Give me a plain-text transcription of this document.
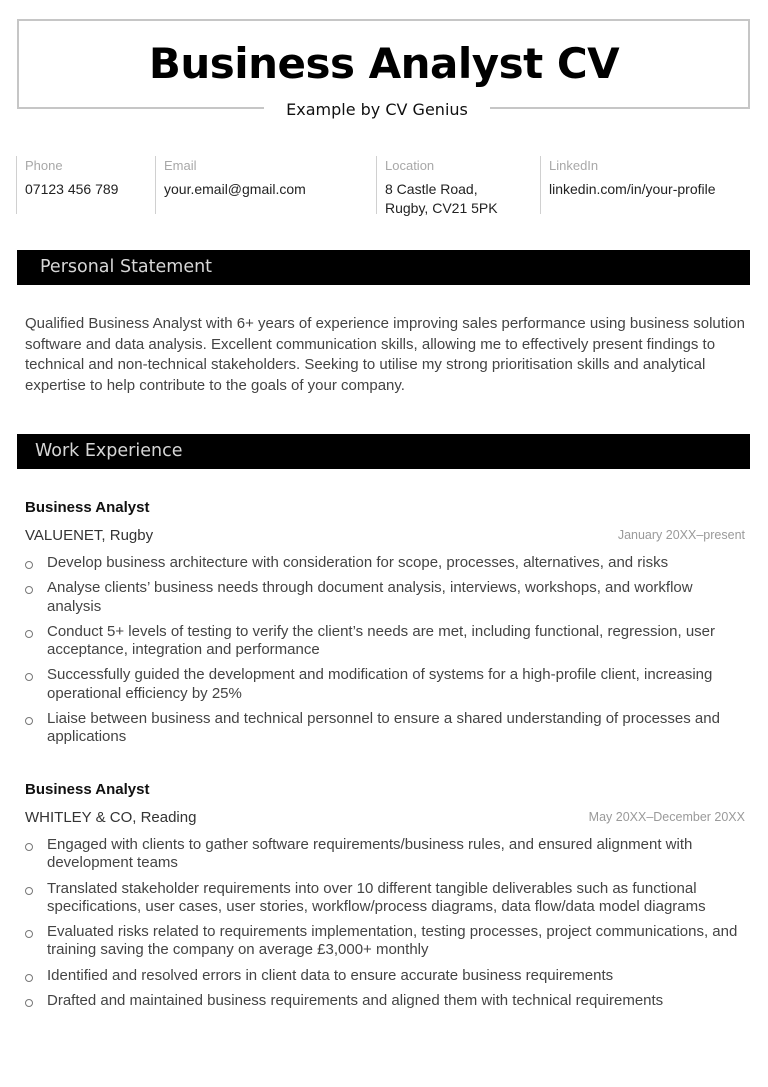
Business Analyst CV
Example by CV Genius
Phone
07123 456 789
Email
your.email@gmail.com
Location
8 Castle Road,
Rugby, CV21 5PK
LinkedIn
linkedin.com/in/your-profile
Personal Statement
Qualified Business Analyst with 6+ years of experience improving sales performance using business solution software and data analysis. Excellent communication skills, allowing me to effectively present findings to technical and non-technical stakeholders. Seeking to utilise my strong prioritisation skills and analytical expertise to help contribute to the goals of your company.
Work Experience
Business Analyst
VALUENET, Rugby	January 20XX–present
Develop business architecture with consideration for scope, processes, alternatives, and risks
Analyse clients’ business needs through document analysis, interviews, workshops, and workflow analysis
Conduct 5+ levels of testing to verify the client’s needs are met, including functional, regression, user acceptance, integration and performance
Successfully guided the development and modification of systems for a high-profile client, increasing operational efficiency by 25%
Liaise between business and technical personnel to ensure a shared understanding of processes and applications
Business Analyst
WHITLEY & CO, Reading	May 20XX–December 20XX
Engaged with clients to gather software requirements/business rules, and ensured alignment with development teams
Translated stakeholder requirements into over 10 different tangible deliverables such as functional specifications, user cases, user stories, workflow/process diagrams, data flow/data model diagrams
Evaluated risks related to requirements implementation, testing processes, project communications, and training saving the company on average £3,000+ monthly
Identified and resolved errors in client data to ensure accurate business requirements
Drafted and maintained business requirements and aligned them with technical requirements
